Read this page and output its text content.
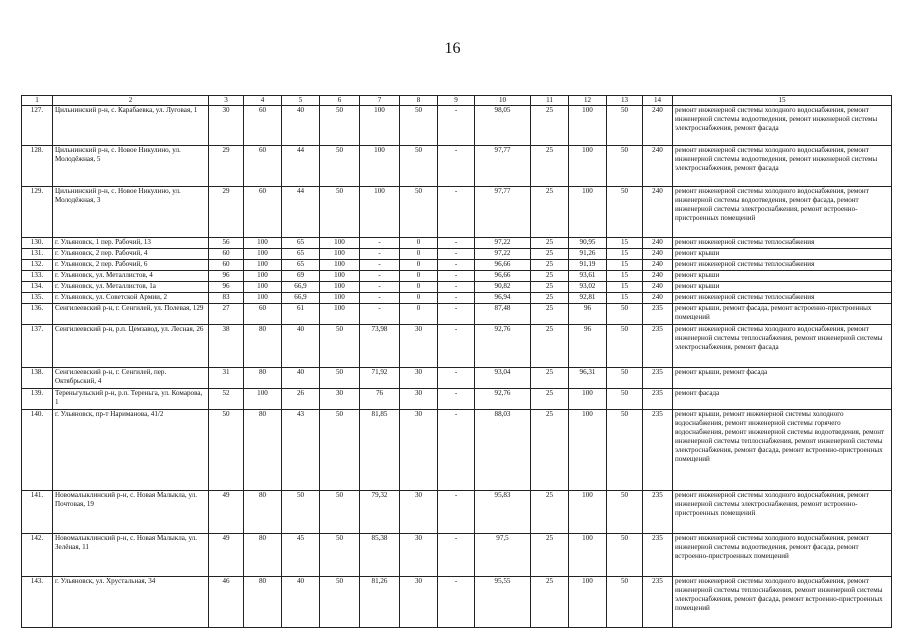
16
1	2	3	4	5	6	7	8	9	10	11	12	13	14	15
127.	Цильнинский р-н, с. Карабаевка, ул. Луговая, 1	30	60	40	50	100	50	-	98,05	25	100	50	240	ремонт инженерной системы холодного водоснабжения, ремонт инженерной системы водоотведения, ремонт инженерной системы электроснабжения, ремонт фасада
128.	Цильнинский р-н, с. Новое Никулино, ул. Молодёжная, 5	29	60	44	50	100	50	-	97,77	25	100	50	240	ремонт инженерной системы холодного водоснабжения, ремонт инженерной системы водоотведения, ремонт инженерной системы электроснабжения, ремонт фасада
129.	Цильнинский р-н, с. Новое Никулино, ул. Молодёжная, 3	29	60	44	50	100	50	-	97,77	25	100	50	240	ремонт инженерной системы холодного водоснабжения, ремонт инженерной системы водоотведения, ремонт фасада, ремонт инженерной системы электроснабжения, ремонт встроенно-пристроенных помещений
130.	г. Ульяновск, 1 пер. Рабочий, 13	56	100	65	100	-	0	-	97,22	25	90,95	15	240	ремонт инженерной системы теплоснабжения
131.	г. Ульяновск, 2 пер. Рабочий, 4	60	100	65	100	-	0	-	97,22	25	91,26	15	240	ремонт крыши
132.	г. Ульяновск, 2 пер. Рабочий, 6	60	100	65	100	-	0	-	96,66	25	91,19	15	240	ремонт инженерной системы теплоснабжения
133.	г. Ульяновск, ул. Металлистов, 4	96	100	69	100	-	0	-	96,66	25	93,61	15	240	ремонт крыши
134.	г. Ульяновск, ул. Металлистов, 1а	96	100	66,9	100	-	0	-	90,82	25	93,02	15	240	ремонт крыши
135.	г. Ульяновск, ул. Советской Армии, 2	83	100	66,9	100	-	0	-	96,94	25	92,81	15	240	ремонт инженерной системы теплоснабжения
136.	Сенгилеевский р-н, г. Сенгилей, ул. Полевая, 129	27	60	61	100	-	0	-	87,48	25	96	50	235	ремонт крыши, ремонт фасада, ремонт встроенно-пристроенных помещений
137.	Сенгилеевский р-н, р.п. Цемзавод, ул. Лесная, 26	38	80	40	50	73,98	30	-	92,76	25	96	50	235	ремонт инженерной системы холодного водоснабжения, ремонт инженерной системы теплоснабжения, ремонт инженерной системы электроснабжения, ремонт фасада
138.	Сенгилеевский р-н, г. Сенгилей, пер. Октябрьский, 4	31	80	40	50	71,92	30	-	93,04	25	96,31	50	235	ремонт крыши, ремонт фасада
139.	Тереньгульский р-н, р.п. Тереньга, ул. Комарова, 1	52	100	26	30	76	30	-	92,76	25	100	50	235	ремонт фасада
140.	г. Ульяновск, пр-т Нариманова, 41/2	50	80	43	50	81,85	30	-	88,03	25	100	50	235	ремонт крыши, ремонт инженерной системы холодного водоснабжения, ремонт инженерной системы горячего водоснабжения, ремонт инженерной системы водоотведения, ремонт инженерной системы теплоснабжения, ремонт инженерной системы электроснабжения, ремонт фасада, ремонт встроенно-пристроенных помещений
141.	Новомалыклинский р-н, с. Новая Малыкла, ул. Почтовая, 19	49	80	50	50	79,32	30	-	95,83	25	100	50	235	ремонт инженерной системы холодного водоснабжения, ремонт инженерной системы электроснабжения, ремонт встроенно-пристроенных помещений
142.	Новомалыклинский р-н, с. Новая Малыкла, ул. Зелёная, 11	49	80	45	50	85,38	30	-	97,5	25	100	50	235	ремонт инженерной системы холодного водоснабжения, ремонт инженерной системы водоотведения, ремонт фасада, ремонт встроенно-пристроенных помещений
143.	г. Ульяновск, ул. Хрустальная, 34	46	80	40	50	81,26	30	-	95,55	25	100	50	235	ремонт инженерной системы холодного водоснабжения, ремонт инженерной системы теплоснабжения, ремонт инженерной системы электроснабжения, ремонт фасада, ремонт встроенно-пристроенных помещений
